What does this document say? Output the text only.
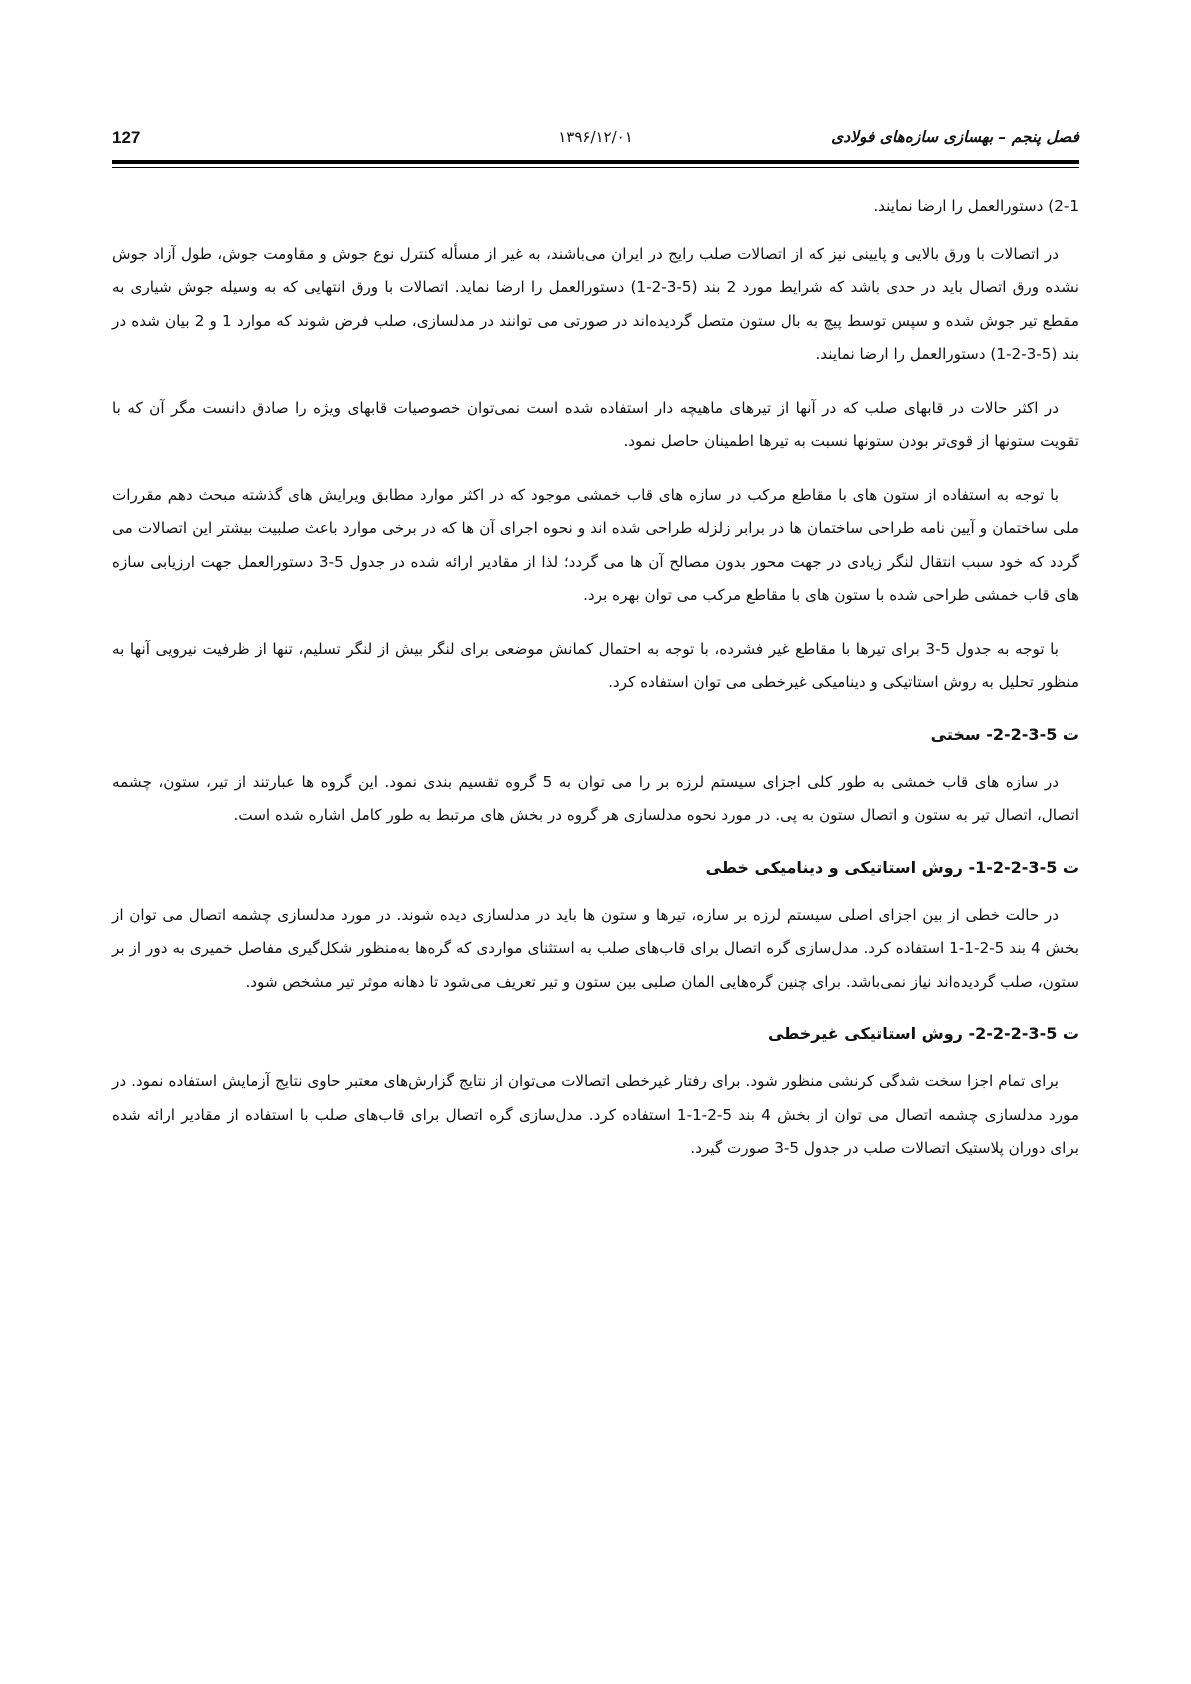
127	۱۳۹۶/۱۲/۰۱	فصل پنجم – بهسازی سازه‌های فولادی

2-1) دستورالعمل را ارضا نمایند.

در اتصالات با ورق بالایی و پایینی نیز که از اتصالات صلب رایج در ایران می‌باشند، به غیر از مسأله کنترل نوع جوش و مقاومت جوش، طول آزاد جوش نشده ورق اتصال باید در حدی باشد که شرایط مورد 2 بند (5-3-2-1) دستورالعمل را ارضا نماید. اتصالات با ورق انتهایی که به وسیله جوش شیاری به مقطع تیر جوش شده و سپس توسط پیچ به بال ستون متصل گردیده‌اند در صورتی می توانند در مدلسازی، صلب فرض شوند که موارد 1 و 2 بیان شده در بند (5-3-2-1) دستورالعمل را ارضا نمایند.

در اکثر حالات در قابهای صلب که در آنها از تیرهای ماهیچه دار استفاده شده است نمی‌توان خصوصیات قابهای ویژه را صادق دانست مگر آن که با تقویت ستونها از قوی‌تر بودن ستونها نسبت به تیرها اطمینان حاصل نمود.

با توجه به استفاده از ستون های با مقاطع مرکب در سازه های قاب خمشی موجود که در اکثر موارد مطابق ویرایش های گذشته مبحث دهم مقررات ملی ساختمان و آیین نامه طراحی ساختمان ها در برابر زلزله طراحی شده اند و نحوه اجرای آن ها که در برخی موارد باعث صلبیت بیشتر این اتصالات می گردد که خود سبب انتقال لنگر زیادی در جهت محور بدون مصالح آن ها می گردد؛ لذا از مقادیر ارائه شده در جدول 5-3 دستورالعمل جهت ارزیابی سازه های قاب خمشی طراحی شده با ستون های با مقاطع مرکب می توان بهره برد.

با توجه به جدول 5-3 برای تیرها با مقاطع غیر فشرده، با توجه به احتمال کمانش موضعی برای لنگر بیش از لنگر تسلیم، تنها از ظرفیت نیرویی آنها به منظور تحلیل به روش استاتیکی و دینامیکی غیرخطی می توان استفاده کرد.

ت 5-3-2-2- سختی

در سازه های قاب خمشی به طور کلی اجزای سیستم لرزه بر را می توان به 5 گروه تقسیم بندی نمود. این گروه ها عبارتند از تیر، ستون، چشمه اتصال، اتصال تیر به ستون و اتصال ستون به پی. در مورد نحوه مدلسازی هر گروه در بخش های مرتبط به طور کامل اشاره شده است.

ت 5-3-2-2-1- روش استاتیکی و دینامیکی خطی

در حالت خطی از بین اجزای اصلی سیستم لرزه بر سازه، تیرها و ستون ها باید در مدلسازی دیده شوند. در مورد مدلسازی چشمه اتصال می توان از بخش 4 بند 5-2-1-1 استفاده کرد. مدل‌سازی گره اتصال برای قاب‌های صلب به استثنای مواردی که گره‌ها به‌منظور شکل‌گیری مفاصل خمیری به دور از بر ستون، صلب گردیده‌اند نیاز نمی‌باشد. برای چنین گره‌هایی المان صلبی بین ستون و تیر تعریف می‌شود تا دهانه موثر تیر مشخص شود.

ت 5-3-2-2-2- روش استاتیکی غیرخطی

برای تمام اجزا سخت شدگی کرنشی منظور شود. برای رفتار غیرخطی اتصالات می‌توان از نتایج گزارش‌های معتبر حاوی نتایج آزمایش استفاده نمود. در مورد مدلسازی چشمه اتصال می توان از بخش 4 بند 5-2-1-1 استفاده کرد. مدل‌سازی گره اتصال برای قاب‌های صلب با استفاده از مقادیر ارائه شده برای دوران پلاستیک اتصالات صلب در جدول 5-3 صورت گیرد.
